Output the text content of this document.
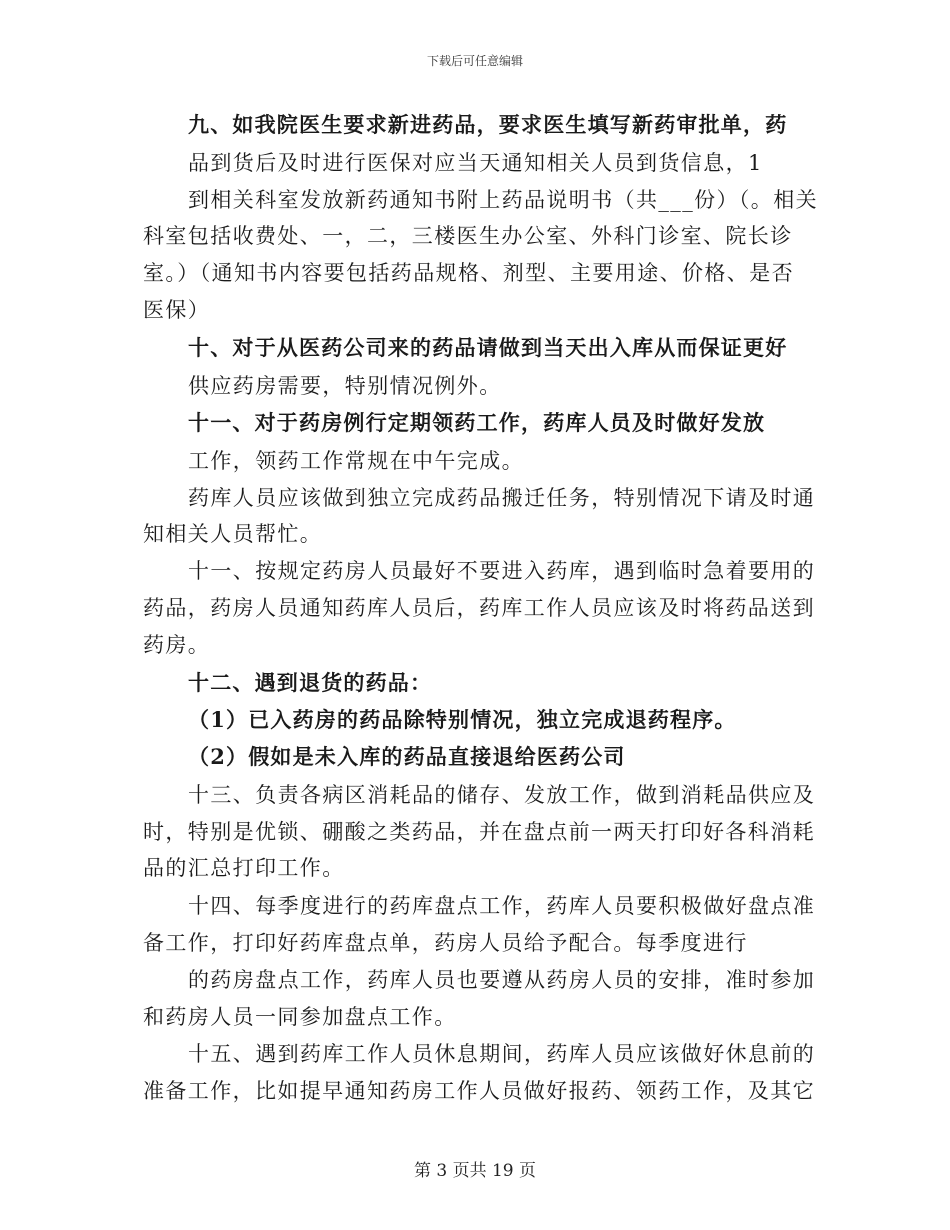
下载后可任意编辑
九、如我院医生要求新进药品，要求医生填写新药审批单，药
品到货后及时进行医保对应当天通知相关人员到货信息，1
到相关科室发放新药通知书附上药品说明书（共___份）（。相关
科室包括收费处、一，二，三楼医生办公室、外科门诊室、院长诊
室。）（通知书内容要包括药品规格、剂型、主要用途、价格、是否
医保）
十、对于从医药公司来的药品请做到当天出入库从而保证更好
供应药房需要，特别情况例外。
十一、对于药房例行定期领药工作，药库人员及时做好发放
工作，领药工作常规在中午完成。
药库人员应该做到独立完成药品搬迁任务，特别情况下请及时通
知相关人员帮忙。
十一、按规定药房人员最好不要进入药库，遇到临时急着要用的
药品，药房人员通知药库人员后，药库工作人员应该及时将药品送到
药房。
十二、遇到退货的药品：
（1）已入药房的药品除特别情况，独立完成退药程序。
（2）假如是未入库的药品直接退给医药公司
十三、负责各病区消耗品的储存、发放工作，做到消耗品供应及
时，特别是优锁、硼酸之类药品，并在盘点前一两天打印好各科消耗
品的汇总打印工作。
十四、每季度进行的药库盘点工作，药库人员要积极做好盘点准
备工作，打印好药库盘点单，药房人员给予配合。每季度进行
的药房盘点工作，药库人员也要遵从药房人员的安排，准时参加
和药房人员一同参加盘点工作。
十五、遇到药库工作人员休息期间，药库人员应该做好休息前的
准备工作，比如提早通知药房工作人员做好报药、领药工作，及其它
第 3 页共 19 页
